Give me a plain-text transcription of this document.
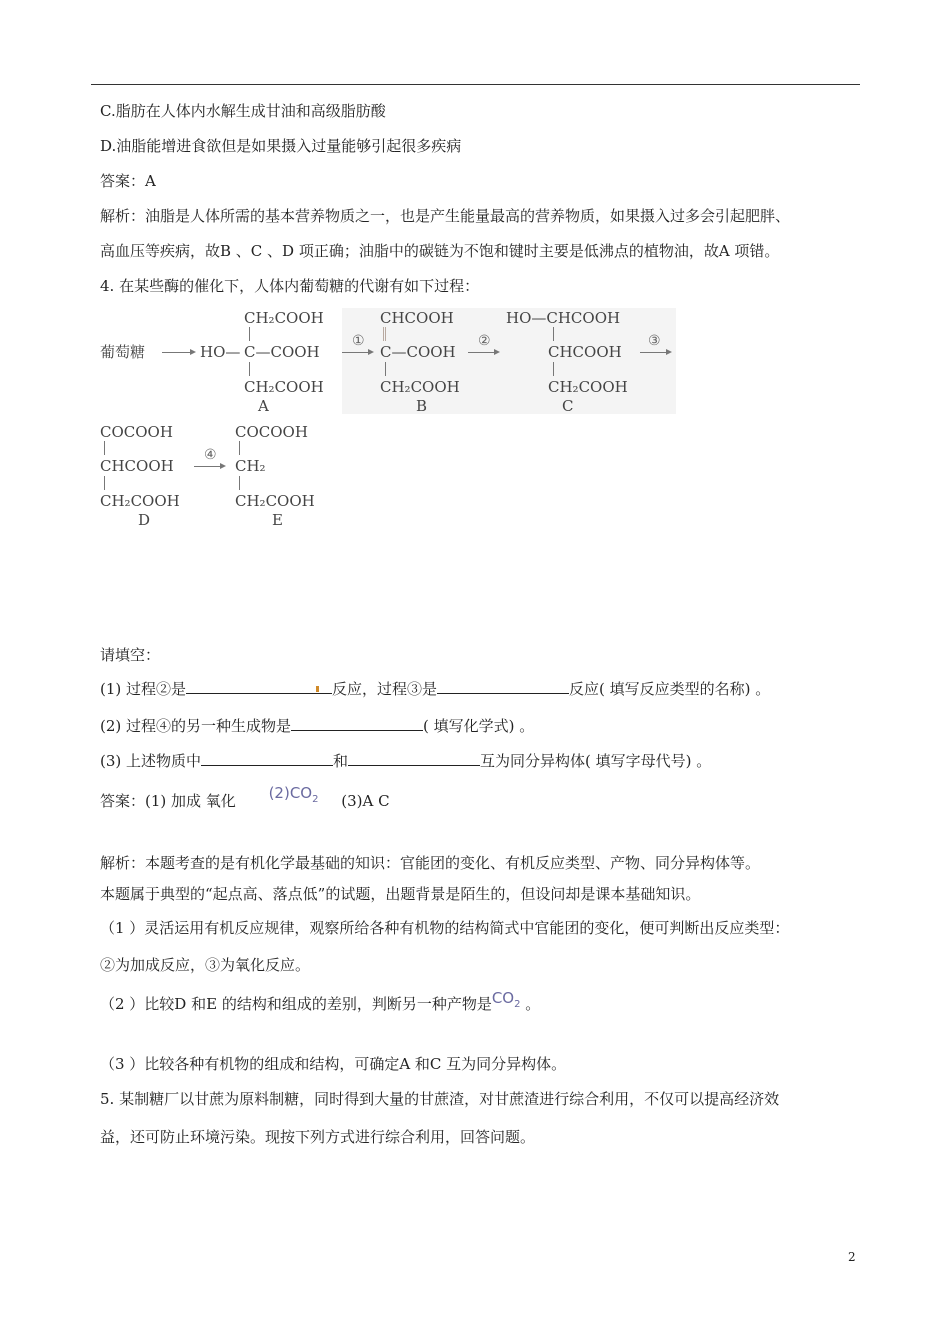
C.脂肪在人体内水解生成甘油和高级脂肪酸
D.油脂能增进食欲但是如果摄入过量能够引起很多疾病
答案：A
解析：油脂是人体所需的基本营养物质之一，也是产生能量最高的营养物质，如果摄入过多会引起肥胖、
高血压等疾病，故B 、C 、D 项正确；油脂中的碳链为不饱和键时主要是低沸点的植物油，故A 项错。
4. 在某些酶的催化下，人体内葡萄糖的代谢有如下过程：
葡萄糖
CH₂COOH
HO— C—COOH
CH₂COOH
A
①
CHCOOH
C—COOH
CH₂COOH
B
②
HO—CHCOOH
CHCOOH
CH₂COOH
C
③
COCOOH
CHCOOH
CH₂COOH
D
④
COCOOH
CH₂
CH₂COOH
E
请填空：
(1) 过程②是	反应，过程③是	反应( 填写反应类型的名称) 。
(2) 过程④的另一种生成物是	( 填写化学式) 。
(3) 上述物质中	和	互为同分异构体( 填写字母代号) 。
答案：(1) 加成 氧化 $(2)CO_2$ (3)A C
解析：本题考查的是有机化学最基础的知识：官能团的变化、有机反应类型、产物、同分异构体等。
本题属于典型的“起点高、落点低”的试题，出题背景是陌生的，但设问却是课本基础知识。
（1 ）灵活运用有机反应规律，观察所给各种有机物的结构简式中官能团的变化，便可判断出反应类型：
②为加成反应，③为氧化反应。
（2 ）比较D 和E 的结构和组成的差别，判断另一种产物是$CO_2$ 。
（3 ）比较各种有机物的组成和结构，可确定A 和C 互为同分异构体。
5. 某制糖厂以甘蔗为原料制糖，同时得到大量的甘蔗渣，对甘蔗渣进行综合利用，不仅可以提高经济效
益，还可防止环境污染。现按下列方式进行综合利用，回答问题。
2
